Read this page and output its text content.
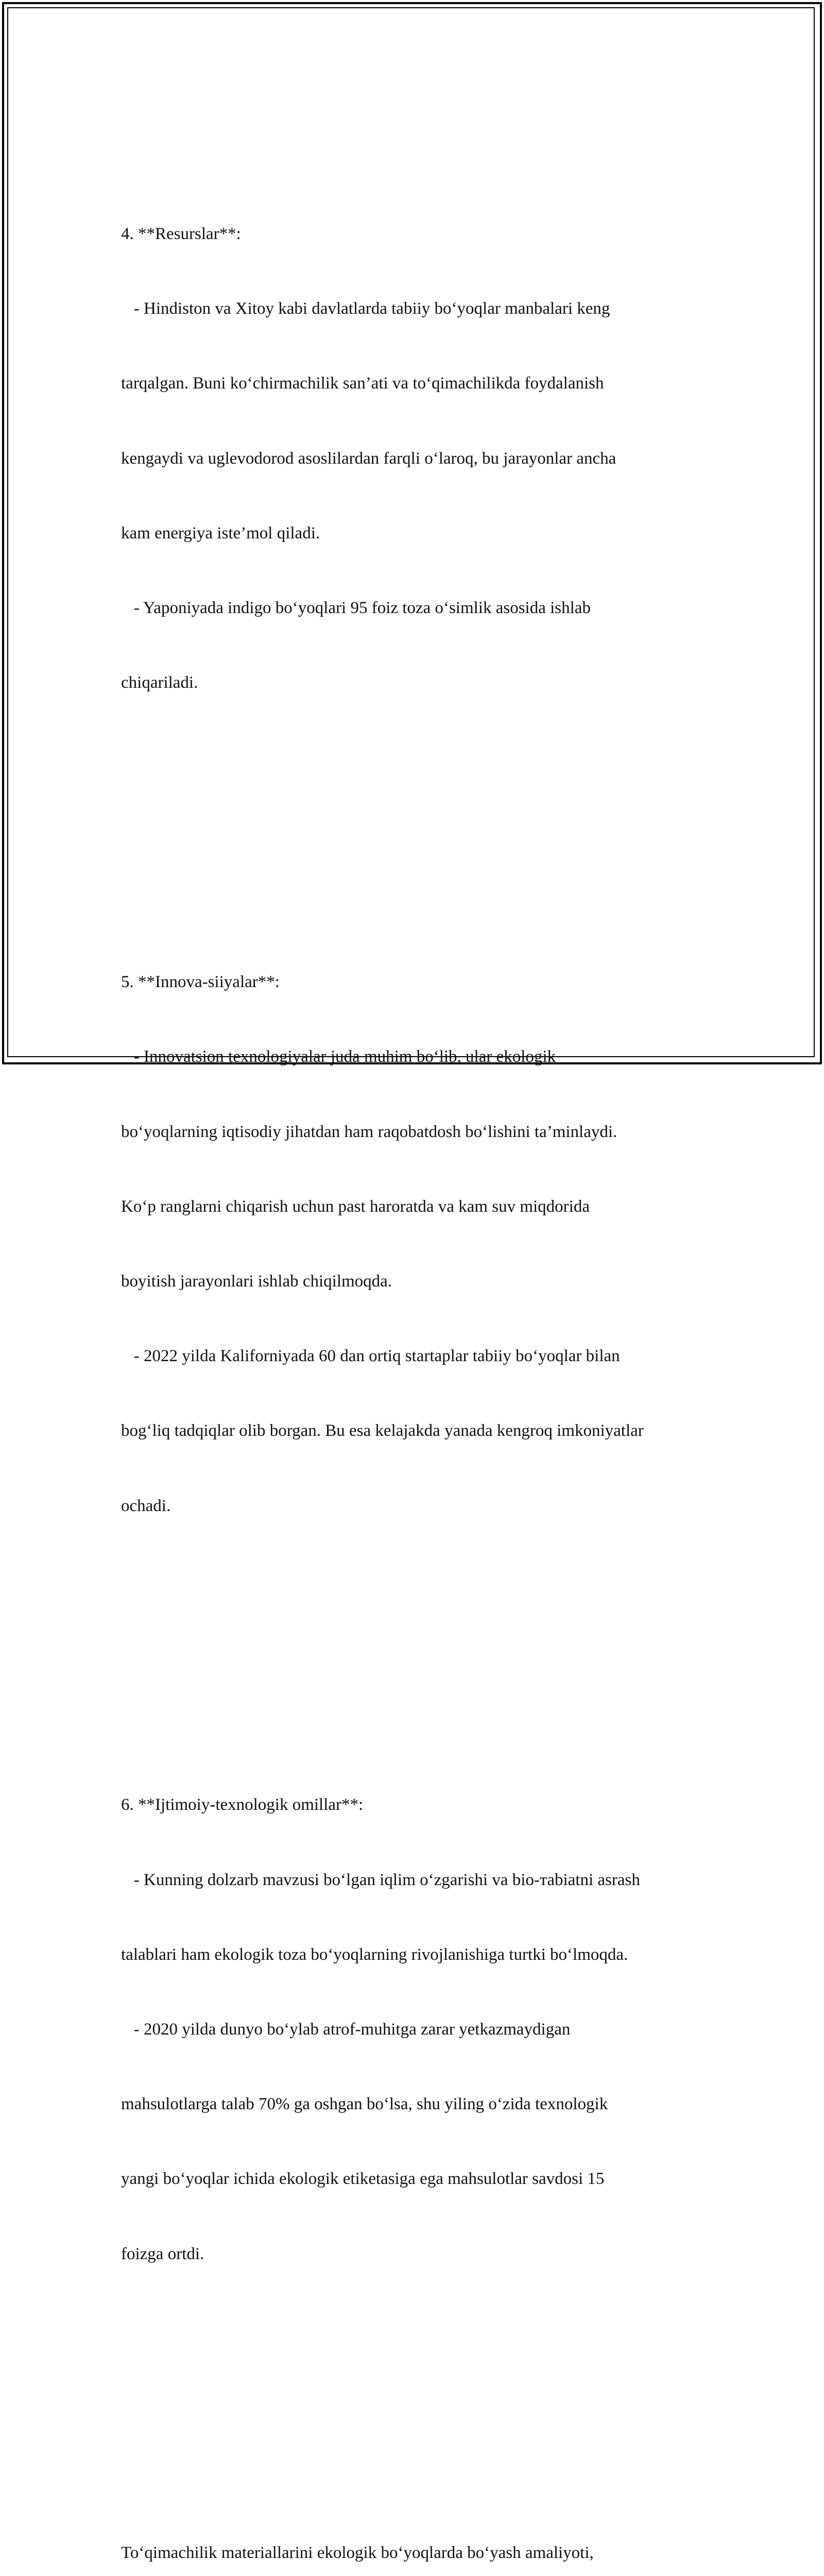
4. **Resurslar**:

- Hindiston va Xitoy kabi davlatlarda tabiiy boʻyoqlar manbalari keng

tarqalgan. Buni koʻchirmachilik san’ati va toʻqimachilikda foydalanish

kengaydi va uglevodorod asoslilardan farqli oʻlaroq, bu jarayonlar ancha

kam energiya iste’mol qiladi.

- Yaponiyada indigo boʻyoqlari 95 foiz toza oʻsimlik asosida ishlab

chiqariladi.

5. **Innova-siiyalar**:

- Innovatsion texnologiyalar juda muhim boʻlib, ular ekologik

boʻyoqlarning iqtisodiy jihatdan ham raqobatdosh boʻlishini ta’minlaydi.

Koʻp ranglarni chiqarish uchun past haroratda va kam suv miqdorida

boyitish jarayonlari ishlab chiqilmoqda.

- 2022 yilda Kaliforniyada 60 dan ortiq startaplar tabiiy boʻyoqlar bilan

bogʻliq tadqiqlar olib borgan. Bu esa kelajakda yanada kengroq imkoniyatlar

ochadi.

6. **Ijtimoiy-texnologik omillar**:

- Kunning dolzarb mavzusi boʻlgan iqlim oʻzgarishi va bio-тabiatni asrash

talablari ham ekologik toza boʻyoqlarning rivojlanishiga turtki boʻlmoqda.

- 2020 yilda dunyo boʻylab atrof-muhitga zarar yetkazmaydigan

mahsulotlarga talab 70% ga oshgan boʻlsa, shu yiling oʻzida texnologik

yangi boʻyoqlar ichida ekologik etiketasiga ega mahsulotlar savdosi 15

foizga ortdi.

Toʻqimachilik materiallarini ekologik boʻyoqlarda boʻyash amaliyoti,
